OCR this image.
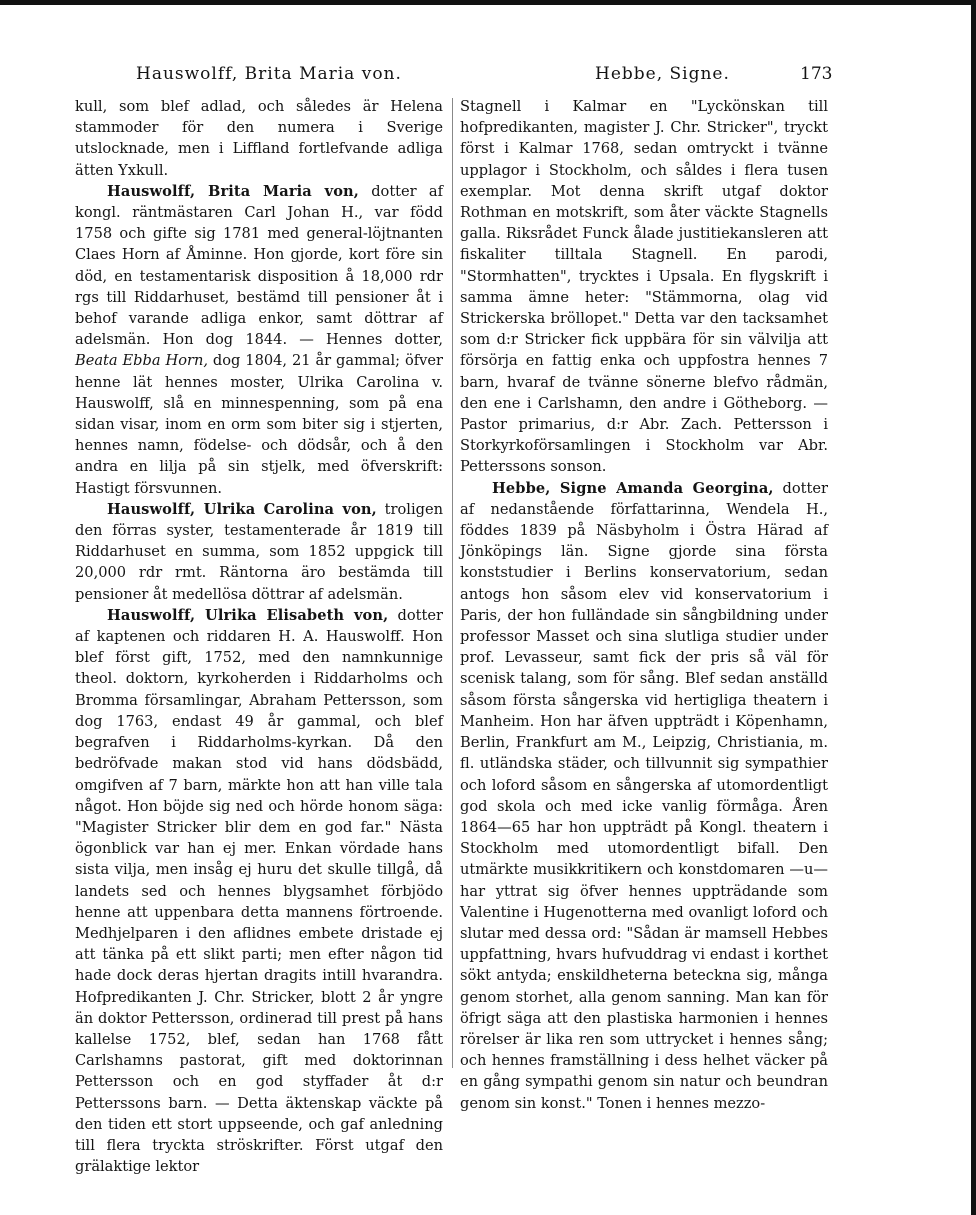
Hauswolff, Brita Maria von.	Hebbe, Signe.	173

kull, som blef adlad, och således är Helena stammoder för den numera i Sverige utslocknade, men i Liffland fortlefvande adliga ätten Yxkull.

Hauswolff, Brita Maria von, dotter af kongl. räntmästaren Carl Johan H., var född 1758 och gifte sig 1781 med general-löjtnanten Claes Horn af Åminne. Hon gjorde, kort före sin död, en testamentarisk disposition å 18,000 rdr rgs till Riddarhuset, bestämd till pensioner åt i behof varande adliga enkor, samt döttrar af adelsmän. Hon dog 1844. — Hennes dotter, Beata Ebba Horn, dog 1804, 21 år gammal; öfver henne lät hennes moster, Ulrika Carolina v. Hauswolff, slå en minnespenning, som på ena sidan visar, inom en orm som biter sig i stjerten, hennes namn, födelse- och dödsår, och å den andra en lilja på sin stjelk, med öfverskrift: Hastigt försvunnen.

Hauswolff, Ulrika Carolina von, troligen den förras syster, testamenterade år 1819 till Riddarhuset en summa, som 1852 uppgick till 20,000 rdr rmt. Räntorna äro bestämda till pensioner åt medellösa döttrar af adelsmän.

Hauswolff, Ulrika Elisabeth von, dotter af kaptenen och riddaren H. A. Hauswolff. Hon blef först gift, 1752, med den namnkunnige theol. doktorn, kyrkoherden i Riddarholms och Bromma församlingar, Abraham Pettersson, som dog 1763, endast 49 år gammal, och blef begrafven i Riddarholms-kyrkan. Då den bedröfvade makan stod vid hans dödsbädd, omgifven af 7 barn, märkte hon att han ville tala något. Hon böjde sig ned och hörde honom säga: "Magister Stricker blir dem en god far." Nästa ögonblick var han ej mer. Enkan vördade hans sista vilja, men insåg ej huru det skulle tillgå, då landets sed och hennes blygsamhet förbjödo henne att uppenbara detta mannens förtroende. Medhjelparen i den aflidnes embete dristade ej att tänka på ett slikt parti; men efter någon tid hade dock deras hjertan dragits intill hvarandra. Hofpredikanten J. Chr. Stricker, blott 2 år yngre än doktor Pettersson, ordinerad till prest på hans kallelse 1752, blef, sedan han 1768 fått Carlshamns pastorat, gift med doktorinnan Pettersson och en god styffader åt d:r Petterssons barn. — Detta äktenskap väckte på den tiden ett stort uppseende, och gaf anledning till flera tryckta ströskrifter. Först utgaf den grälaktige lektor

Stagnell i Kalmar en "Lyckönskan till hofpredikanten, magister J. Chr. Stricker", tryckt först i Kalmar 1768, sedan omtryckt i tvänne upplagor i Stockholm, och såldes i flera tusen exemplar. Mot denna skrift utgaf doktor Rothman en motskrift, som åter väckte Stagnells galla. Riksrådet Funck ålade justitiekansleren att fiskaliter tilltala Stagnell. En parodi, "Stormhatten", trycktes i Upsala. En flygskrift i samma ämne heter: "Stämmorna, olag vid Strickerska bröllopet." Detta var den tacksamhet som d:r Stricker fick uppbära för sin välvilja att försörja en fattig enka och uppfostra hennes 7 barn, hvaraf de tvänne sönerne blefvo rådmän, den ene i Carlshamn, den andre i Götheborg. — Pastor primarius, d:r Abr. Zach. Pettersson i Storkyrkoförsamlingen i Stockholm var Abr. Petterssons sonson.

Hebbe, Signe Amanda Georgina, dotter af nedanstående författarinna, Wendela H., föddes 1839 på Näsbyholm i Östra Härad af Jönköpings län. Signe gjorde sina första konststudier i Berlins konservatorium, sedan antogs hon såsom elev vid konservatorium i Paris, der hon fulländade sin sångbildning under professor Masset och sina slutliga studier under prof. Levasseur, samt fick der pris så väl för scenisk talang, som för sång. Blef sedan anställd såsom första sångerska vid hertigliga theatern i Manheim. Hon har äfven uppträdt i Köpenhamn, Berlin, Frankfurt am M., Leipzig, Christiania, m. fl. utländska städer, och tillvunnit sig sympathier och loford såsom en sångerska af utomordentligt god skola och med icke vanlig förmåga. Åren 1864—65 har hon uppträdt på Kongl. theatern i Stockholm med utomordentligt bifall. Den utmärkte musikkritikern och konstdomaren —u— har yttrat sig öfver hennes uppträdande som Valentine i Hugenotterna med ovanligt loford och slutar med dessa ord: "Sådan är mamsell Hebbes uppfattning, hvars hufvuddrag vi endast i korthet sökt antyda; enskildheterna beteckna sig, många genom storhet, alla genom sanning. Man kan för öfrigt säga att den plastiska harmonien i hennes rörelser är lika ren som uttrycket i hennes sång; och hennes framställning i dess helhet väcker på en gång sympathi genom sin natur och beundran genom sin konst." Tonen i hennes mezzo-
